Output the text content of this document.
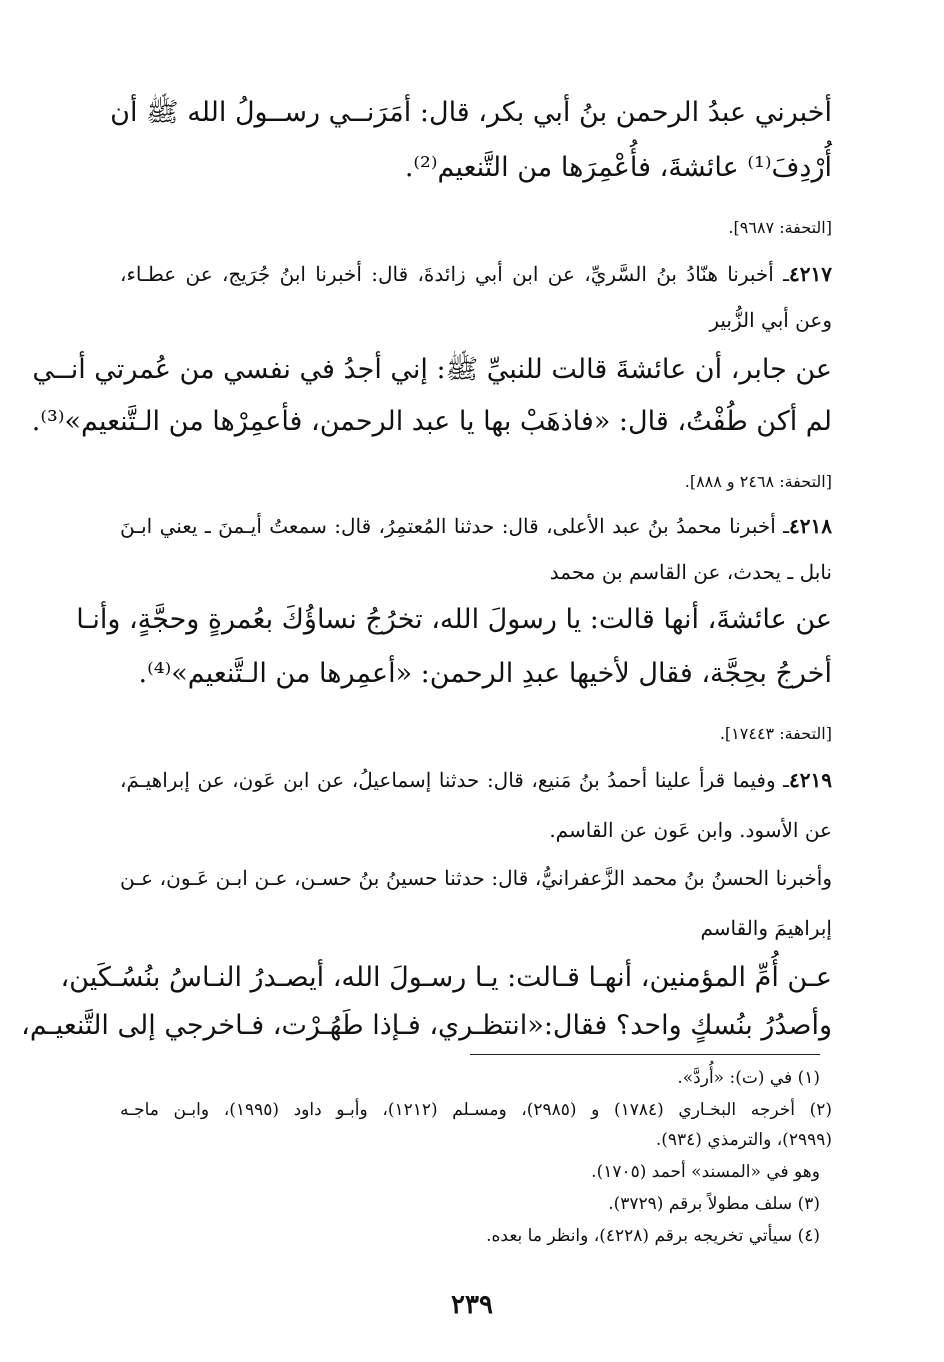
أخبرني عبدُ الرحمن بنُ أبي بكر، قال: أمَرَنــي رســولُ الله ﷺ أن
أُرْدِفَ⁽¹⁾ عائشةَ، فأُعْمِرَها من التَّنعيم⁽²⁾.
[التحفة: ٩٦٨٧].
٤٢١٧ـ أخبرنا هنّادُ بنُ السَّريِّ، عن ابن أبي زائدةَ، قال: أخبرنا ابنُ جُرَيج، عن عطـاء،
وعن أبي الزُّبير
عن جابر، أن عائشةَ قالت للنبيِّ ﷺ: إني أجدُ في نفسي من عُمرتي أنــي
لم أكن طُفْتُ، قال: «فاذهَبْ بها يا عبد الرحمن، فأعمِرْها من الـتَّنعيم»⁽³⁾.
[التحفة: ٢٤٦٨ و ٨٨٨].
٤٢١٨ـ أخبرنا محمدُ بنُ عبد الأعلى، قال: حدثنا المُعتمِرُ، قال: سمعتُ أيـمنَ ـ يعني ابـنَ
نابل ـ يحدث، عن القاسم بن محمد
عن عائشةَ، أنها قالت: يا رسولَ الله، تخرُجُ نساؤُكَ بعُمرةٍ وحجَّةٍ، وأنـا
أخرجُ بحِجَّة، فقال لأخيها عبدِ الرحمن: «أعمِرها من الـتَّنعيم»⁽⁴⁾.
[التحفة: ١٧٤٤٣].
٤٢١٩ـ وفيما قرأ علينا أحمدُ بنُ مَنيع، قال: حدثنا إسماعيلُ، عن ابن عَون، عن إبراهيـمَ،
عن الأسود. وابن عَون عن القاسم.
وأخبرنا الحسنُ بنُ محمد الزَّعفرانيُّ، قال: حدثنا حسينُ بنُ حسـن، عـن ابـن عَـون، عـن
إبراهيمَ والقاسم
عـن أُمِّ المؤمنين، أنهـا قـالت: يـا رسـولَ الله، أيصـدرُ النـاسُ بنُسُـكَين،
وأصدُرُ بنُسكٍ واحد؟ فقال:«انتظـري، فـإذا طَهُـرْت، فـاخرجي إلى التَّنعيـم،
(١) في (ت): «أُردَّ».
(٢) أخرجه البخـاري (١٧٨٤) و (٢٩٨٥)، ومسـلم (١٢١٢)، وأبـو داود (١٩٩٥)، وابـن ماجـه
(٢٩٩٩)، والترمذي (٩٣٤).
وهو في «المسند» أحمد (١٧٠٥).
(٣) سلف مطولاً برقم (٣٧٢٩).
(٤) سيأتي تخريجه برقم (٤٢٢٨)، وانظر ما بعده.
٢٣٩
